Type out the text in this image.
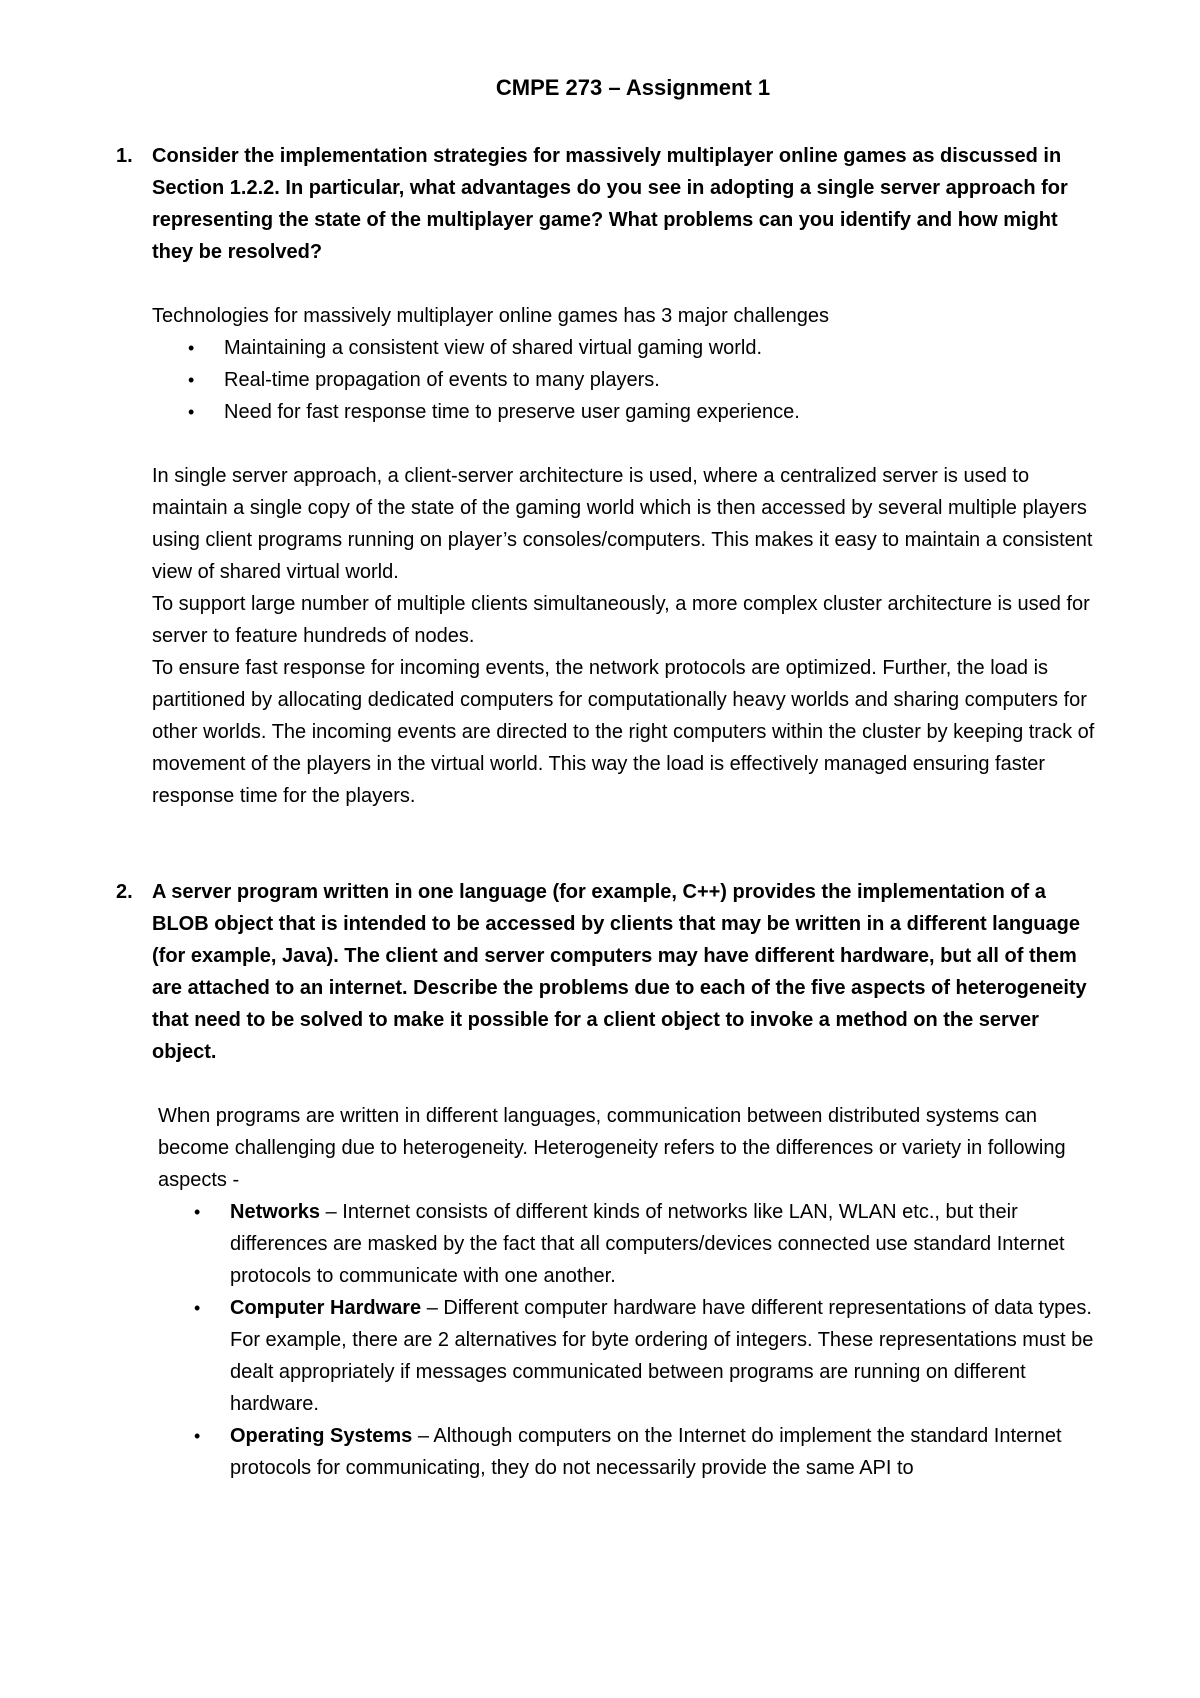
CMPE 273 – Assignment 1
1. Consider the implementation strategies for massively multiplayer online games as discussed in Section 1.2.2. In particular, what advantages do you see in adopting a single server approach for representing the state of the multiplayer game? What problems can you identify and how might they be resolved?

Technologies for massively multiplayer online games has 3 major challenges

• Maintaining a consistent view of shared virtual gaming world.
• Real-time propagation of events to many players.
• Need for fast response time to preserve user gaming experience.

In single server approach, a client-server architecture is used, where a centralized server is used to maintain a single copy of the state of the gaming world which is then accessed by several multiple players using client programs running on player’s consoles/computers. This makes it easy to maintain a consistent view of shared virtual world.

To support large number of multiple clients simultaneously, a more complex cluster architecture is used for server to feature hundreds of nodes.

To ensure fast response for incoming events, the network protocols are optimized. Further, the load is partitioned by allocating dedicated computers for computationally heavy worlds and sharing computers for other worlds. The incoming events are directed to the right computers within the cluster by keeping track of movement of the players in the virtual world. This way the load is effectively managed ensuring faster response time for the players.

2. A server program written in one language (for example, C++) provides the implementation of a BLOB object that is intended to be accessed by clients that may be written in a different language (for example, Java). The client and server computers may have different hardware, but all of them are attached to an internet. Describe the problems due to each of the five aspects of heterogeneity that need to be solved to make it possible for a client object to invoke a method on the server object.

When programs are written in different languages, communication between distributed systems can become challenging due to heterogeneity. Heterogeneity refers to the differences or variety in following aspects -

• Networks – Internet consists of different kinds of networks like LAN, WLAN etc., but their differences are masked by the fact that all computers/devices connected use standard Internet protocols to communicate with one another.
• Computer Hardware – Different computer hardware have different representations of data types. For example, there are 2 alternatives for byte ordering of integers. These representations must be dealt appropriately if messages communicated between programs are running on different hardware.
• Operating Systems – Although computers on the Internet do implement the standard Internet protocols for communicating, they do not necessarily provide the same API to
